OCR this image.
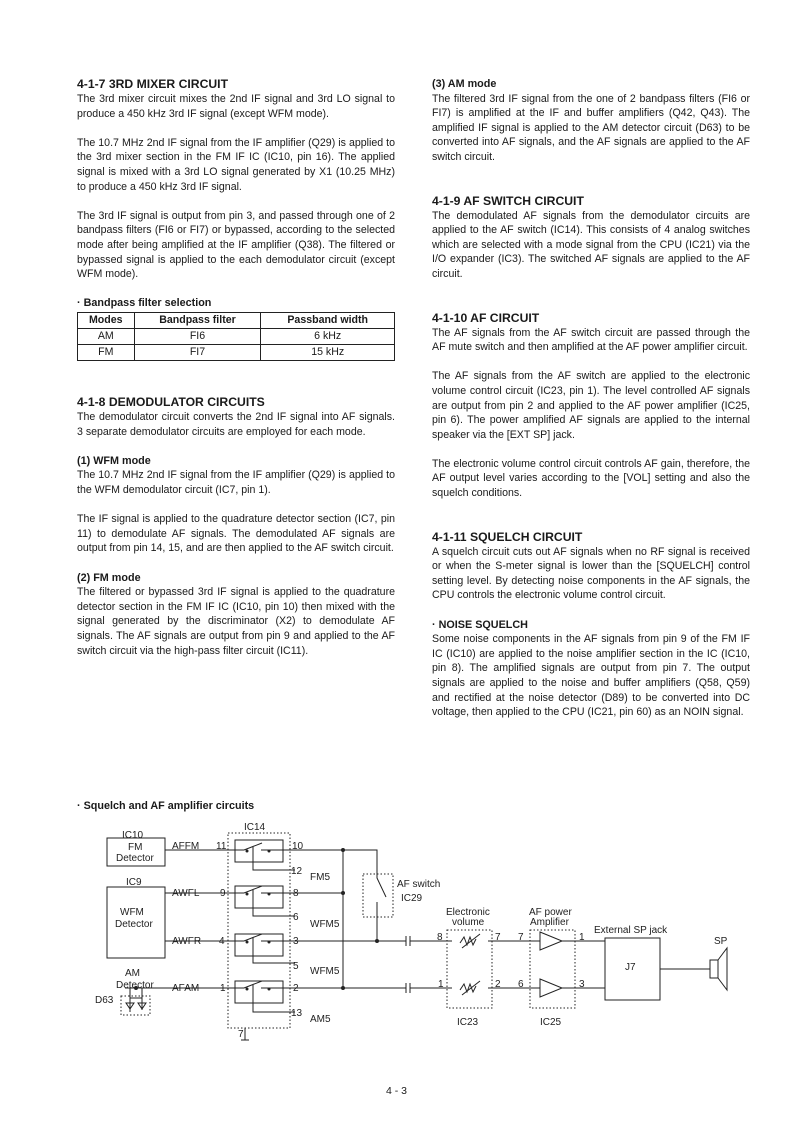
4-1-7 3RD MIXER CIRCUIT

The 3rd mixer circuit mixes the 2nd IF signal and 3rd LO signal to produce a 450 kHz 3rd IF signal (except WFM mode).

The 10.7 MHz 2nd IF signal from the IF amplifier (Q29) is applied to the 3rd mixer section in the FM IF IC (IC10, pin 16). The applied signal is mixed with a 3rd LO signal generated by X1 (10.25 MHz) to produce a 450 kHz 3rd IF signal.

The 3rd IF signal is output from pin 3, and passed through one of 2 bandpass filters (FI6 or FI7) or bypassed, according to the selected mode after being amplified at the IF amplifier (Q38). The filtered or bypassed signal is applied to the each demodulator circuit (except WFM mode).

· Bandpass filter selection

Modes	Bandpass filter	Passband width
AM	FI6	6 kHz
FM	FI7	15 kHz

4-1-8 DEMODULATOR CIRCUITS

The demodulator circuit converts the 2nd IF signal into AF signals. 3 separate demodulator circuits are employed for each mode.

(1) WFM mode

The 10.7 MHz 2nd IF signal from the IF amplifier (Q29) is applied to the WFM demodulator circuit (IC7, pin 1).

The IF signal is applied to the quadrature detector section (IC7, pin 11) to demodulate AF signals. The demodulated AF signals are output from pin 14, 15, and are then applied to the AF switch circuit.

(2) FM mode

The filtered or bypassed 3rd IF signal is applied to the quadrature detector section in the FM IF IC (IC10, pin 10) then mixed with the signal generated by the discriminator (X2) to demodulate AF signals. The AF signals are output from pin 9 and applied to the AF switch circuit via the high-pass filter circuit (IC11).

(3) AM mode

The filtered 3rd IF signal from the one of 2 bandpass filters (FI6 or FI7) is amplified at the IF and buffer amplifiers (Q42, Q43). The amplified IF signal is applied to the AM detector circuit (D63) to be converted into AF signals, and the AF signals are applied to the AF switch circuit.

4-1-9 AF SWITCH CIRCUIT

The demodulated AF signals from the demodulator circuits are applied to the AF switch (IC14). This consists of 4 analog switches which are selected with a mode signal from the CPU (IC21) via the I/O expander (IC3). The switched AF signals are applied to the AF circuit.

4-1-10 AF CIRCUIT

The AF signals from the AF switch circuit are passed through the AF mute switch and then amplified at the AF power amplifier circuit.

The AF signals from the AF switch are applied to the electronic volume control circuit (IC23, pin 1). The level controlled AF signals are output from pin 2 and applied to the AF power amplifier (IC25, pin 6). The power amplified AF signals are applied to the internal speaker via the [EXT SP] jack.

The electronic volume control circuit controls AF gain, therefore, the AF output level varies according to the [VOL] setting and also the squelch conditions.

4-1-11 SQUELCH CIRCUIT

A squelch circuit cuts out AF signals when no RF signal is received or when the S-meter signal is lower than the [SQUELCH] control setting level. By detecting noise components in the AF signals, the CPU controls the electronic volume control circuit.

· NOISE SQUELCH

Some noise components in the AF signals from pin 9 of the FM IF IC (IC10) are applied to the noise amplifier section in the IC (IC10, pin 8). The amplified signals are output from pin 7. The output signals are applied to the noise and buffer amplifiers (Q58, Q59) and rectified at the noise detector (D89) to be converted into DC voltage, then applied to the CPU (IC21, pin 60) as an NOIN signal.

· Squelch and AF amplifier circuits
IC10
FM
Detector
AFFM
IC9
WFM
Detector
AWFL
AWFR
AM
Detector AFAM
D63
IC14
11	10
12
FM5
9	8
6
WFM5
4	3
5 WFM5
1	2
13
AM5
7
AF switch
IC29
Electronic
volume
AF power
Amplifier
External SP jack
SP
J7
IC23	IC25
8	7 7	1
1	2 6	3
4 - 3
